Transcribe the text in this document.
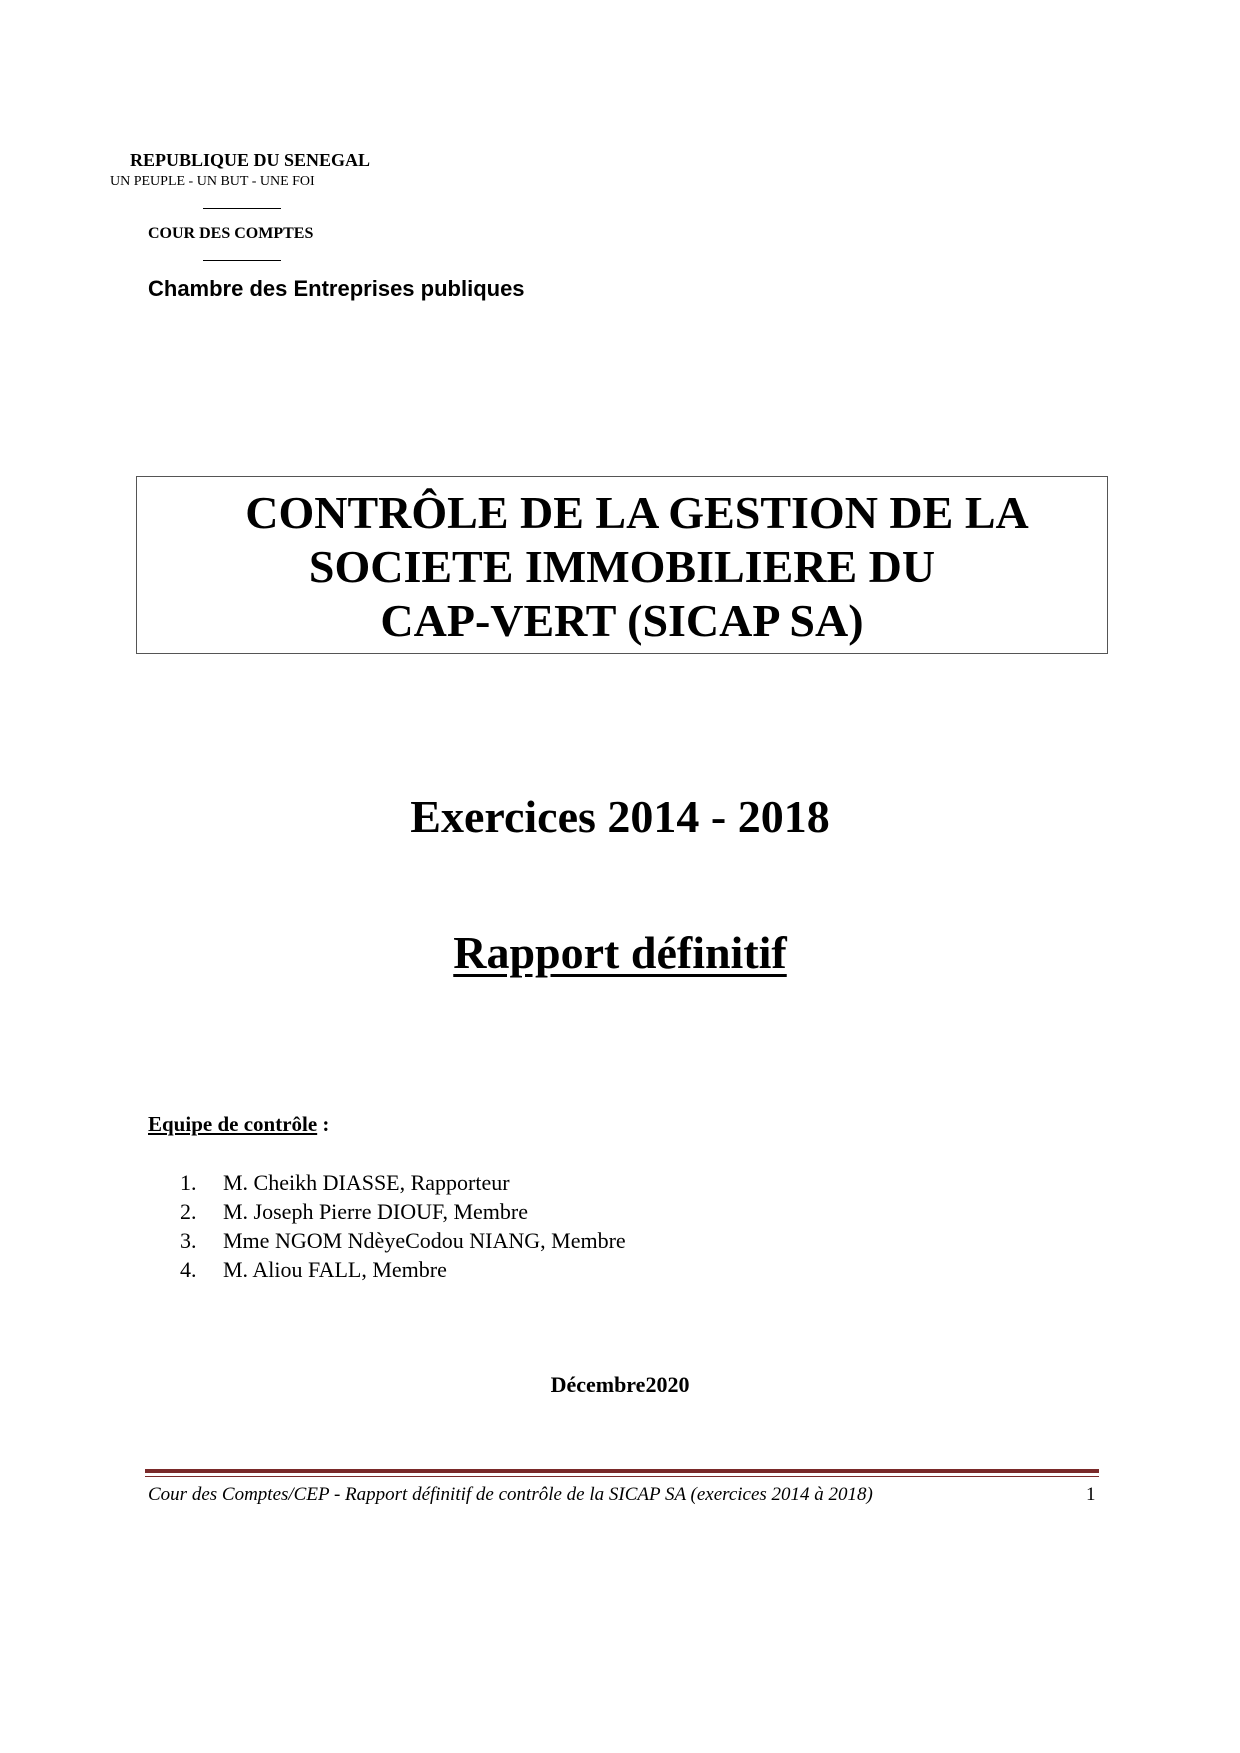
REPUBLIQUE DU SENEGAL
UN PEUPLE - UN BUT - UNE FOI
COUR DES COMPTES
Chambre des Entreprises publiques
CONTRÔLE DE LA GESTION DE LA
SOCIETE IMMOBILIERE DU
CAP-VERT (SICAP SA)
Exercices 2014 - 2018
Rapport définitif
Equipe de contrôle :
1. M. Cheikh DIASSE, Rapporteur
2. M. Joseph Pierre DIOUF, Membre
3. Mme NGOM NdèyeCodou NIANG, Membre
4. M. Aliou FALL, Membre
Décembre2020
Cour des Comptes/CEP - Rapport définitif de contrôle de la SICAP SA (exercices 2014 à 2018)	1
